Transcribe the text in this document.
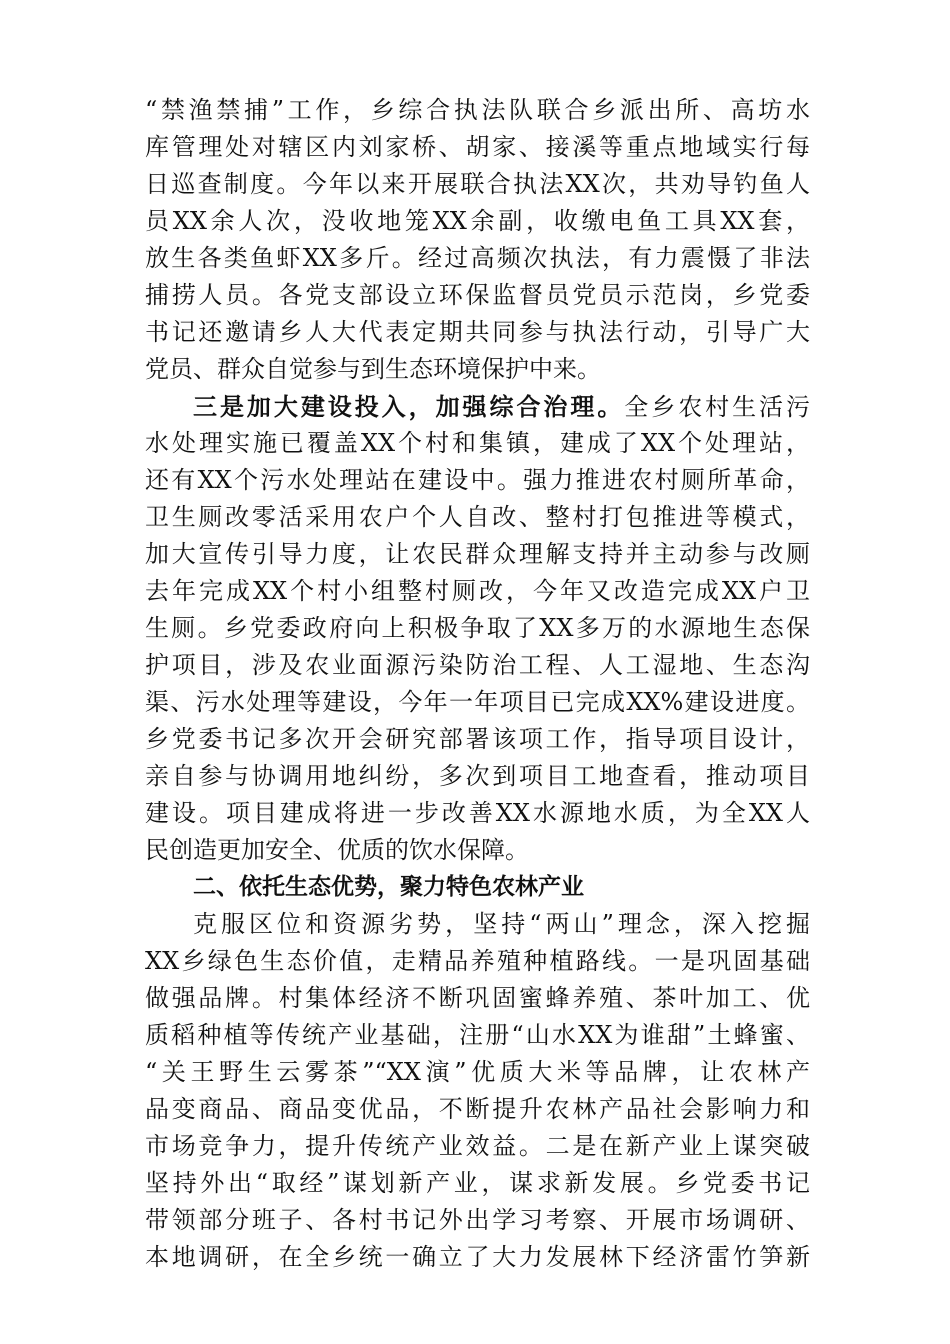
“禁渔禁捕”工作，乡综合执法队联合乡派出所、高坊水
库管理处对辖区内刘家桥、胡家、接溪等重点地域实行每
日巡查制度。今年以来开展联合执法XX次，共劝导钓鱼人
员XX余人次，没收地笼XX余副，收缴电鱼工具XX套，
放生各类鱼虾XX多斤。经过高频次执法，有力震慑了非法
捕捞人员。各党支部设立环保监督员党员示范岗，乡党委
书记还邀请乡人大代表定期共同参与执法行动，引导广大
党员、群众自觉参与到生态环境保护中来。
三是加大建设投入，加强综合治理。全乡农村生活污
水处理实施已覆盖XX个村和集镇，建成了XX个处理站，
还有XX个污水处理站在建设中。强力推进农村厕所革命，
卫生厕改零活采用农户个人自改、整村打包推进等模式，
加大宣传引导力度，让农民群众理解支持并主动参与改厕
去年完成XX个村小组整村厕改，今年又改造完成XX户卫
生厕。乡党委政府向上积极争取了XX多万的水源地生态保
护项目，涉及农业面源污染防治工程、人工湿地、生态沟
渠、污水处理等建设，今年一年项目已完成XX%建设进度。
乡党委书记多次开会研究部署该项工作，指导项目设计，
亲自参与协调用地纠纷，多次到项目工地查看，推动项目
建设。项目建成将进一步改善XX水源地水质，为全XX人
民创造更加安全、优质的饮水保障。
二、依托生态优势，聚力特色农林产业
克服区位和资源劣势，坚持“两山”理念，深入挖掘
XX乡绿色生态价值，走精品养殖种植路线。一是巩固基础
做强品牌。村集体经济不断巩固蜜蜂养殖、茶叶加工、优
质稻种植等传统产业基础，注册“山水XX为谁甜”土蜂蜜、
“关王野生云雾茶”“XX演”优质大米等品牌，让农林产
品变商品、商品变优品，不断提升农林产品社会影响力和
市场竞争力，提升传统产业效益。二是在新产业上谋突破
坚持外出“取经”谋划新产业，谋求新发展。乡党委书记
带领部分班子、各村书记外出学习考察、开展市场调研、
本地调研，在全乡统一确立了大力发展林下经济雷竹笋新
